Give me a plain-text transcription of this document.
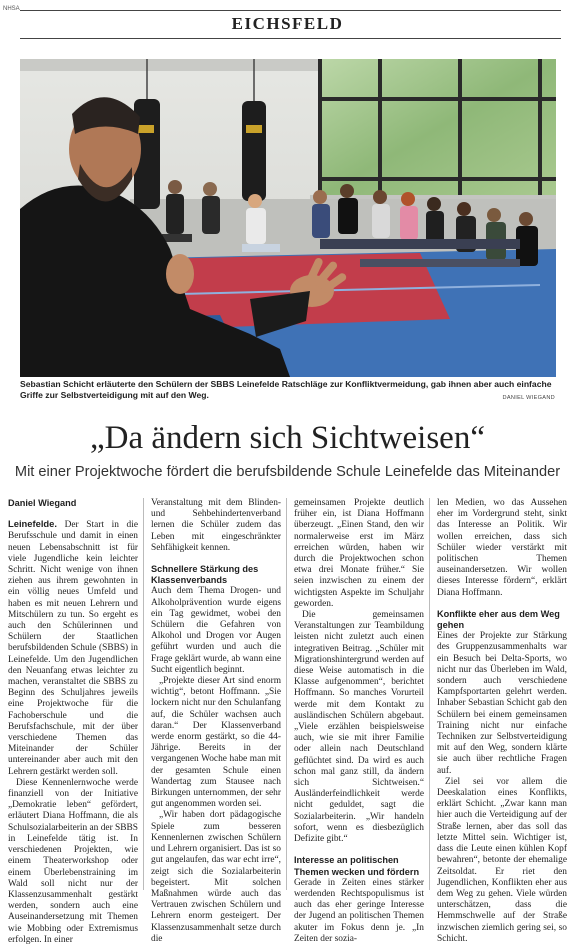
NHSA
EICHSFELD
Sebastian Schicht erläuterte den Schülern der SBBS Leinefelde Ratschläge zur Konfliktvermeidung, gab ihnen aber auch einfache Griffe zur Selbstverteidigung mit auf den Weg.	DANIEL WIEGAND
„Da ändern sich Sichtweisen“
Mit einer Projektwoche fördert die berufsbildende Schule Leinefelde das Miteinander
Daniel Wiegand

Leinefelde. Der Start in die Berufsschule und damit in einen neuen Lebensabschnitt ist für viele Jugendliche kein leichter Schritt. Nicht wenige von ihnen ziehen aus ihrem gewohnten in ein völlig neues Umfeld und haben es mit neuen Lehrern und Mitschülern zu tun. So ergeht es auch den Schülerinnen und Schülern der Staatlichen berufsbildenden Schule (SBBS) in Leinefelde. Um den Jugendlichen den Neuanfang etwas leichter zu machen, veranstaltet die SBBS zu Beginn des Schuljahres jeweils eine Projektwoche für die Fachoberschule und die Berufsfachschule, mit der über verschiedene Themen das Miteinander der Schüler untereinander aber auch mit den Lehrern gestärkt werden soll.

Diese Kennenlernwoche werde finanziell von der Initiative „Demokratie leben“ gefördert, erläutert Diana Hoffmann, die als Schulsozialarbeiterin an der SBBS in Leinefelde tätig ist. In verschiedenen Projekten, wie einem Theaterworkshop oder einem Überlebenstraining im Wald soll nicht nur der Klassenzusammenhalt gestärkt werden, sondern auch eine Auseinandersetzung mit Themen wie Mobbing oder Extremismus erfolgen. In einer

Veranstaltung mit dem Blinden- und Sehbehindertenverband lernen die Schüler zudem das Leben mit eingeschränkter Sehfähigkeit kennen.

Schnellere Stärkung des Klassenverbands

Auch dem Thema Drogen- und Alkoholprävention wurde eigens ein Tag gewidmet, wobei den Schülern die Gefahren von Alkohol und Drogen vor Augen geführt wurden und auch die Frage geklärt wurde, ab wann eine Sucht eigentlich beginnt.

„Projekte dieser Art sind enorm wichtig“, betont Hoffmann. „Sie lockern nicht nur den Schulanfang auf, die Schüler wachsen auch daran.“ Der Klassenverband werde enorm gestärkt, so die 44-Jährige. Bereits in der vergangenen Woche habe man mit der gesamten Schule einen Wandertag zum Stausee nach Birkungen unternommen, der sehr gut angenommen worden sei.

„Wir haben dort pädagogische Spiele zum besseren Kennenlernen zwischen Schülern und Lehrern organisiert. Das ist so gut angelaufen, das war echt irre“, zeigt sich die Sozialarbeiterin begeistert. Mit solchen Maßnahmen würde auch das Vertrauen zwischen Schülern und Lehrern enorm gesteigert. Der Klassenzusammenhalt setze durch die

gemeinsamen Projekte deutlich früher ein, ist Diana Hoffmann überzeugt. „Einen Stand, den wir normalerweise erst im März erreichen würden, haben wir durch die Projektwochen schon etwa drei Monate früher.“ Sie seien inzwischen zu einem der wichtigsten Aspekte im Schuljahr geworden.

Die gemeinsamen Veranstaltungen zur Teambildung leisten nicht zuletzt auch einen integrativen Beitrag. „Schüler mit Migrationshintergrund werden auf diese Weise automatisch in die Klasse aufgenommen“, berichtet Hoffmann. So manches Vorurteil werde mit dem Kontakt zu ausländischen Schülern abgebaut. „Viele erzählen beispielsweise auch, wie sie mit ihrer Familie oder allein nach Deutschland geflüchtet sind. Da wird es auch schon mal ganz still, da ändern sich Sichtweisen.“ Ausländerfeindlichkeit werde nicht geduldet, sagt die Sozialarbeiterin. „Wir handeln sofort, wenn es diesbezüglich Defizite gibt.“

Interesse an politischen Themen wecken und fördern

Gerade in Zeiten eines stärker werdenden Rechtspopulismus ist auch das eher geringe Interesse der Jugend an politischen Themen akuter im Fokus denn je. „In Zeiten der sozia-

len Medien, wo das Aussehen eher im Vordergrund steht, sinkt das Interesse an Politik. Wir wollen erreichen, dass sich Schüler wieder verstärkt mit politischen Themen auseinandersetzen. Wir wollen dieses Interesse fördern“, erklärt Diana Hoffmann.

Konflikte eher aus dem Weg gehen

Eines der Projekte zur Stärkung des Gruppenzusammenhalts war ein Besuch bei Delta-Sports, wo nicht nur das Überleben im Wald, sondern auch verschiedene Kampfsportarten gelehrt werden. Inhaber Sebastian Schicht gab den Schülern bei einem gemeinsamen Training nicht nur einfache Techniken zur Selbstverteidigung mit auf den Weg, sondern klärte sie auch über rechtliche Fragen auf.

Ziel sei vor allem die Deeskalation eines Konflikts, erklärt Schicht. „Zwar kann man hier auch die Verteidigung auf der Straße lernen, aber das soll das letzte Mittel sein. Wichtiger ist, dass die Leute einen kühlen Kopf bewahren“, betonte der ehemalige Zeitsoldat. Er riet den Jugendlichen, Konflikten eher aus dem Weg zu gehen. Viele würden unterschätzen, dass die Hemmschwelle auf der Straße inzwischen ziemlich gering sei, so Schicht.
